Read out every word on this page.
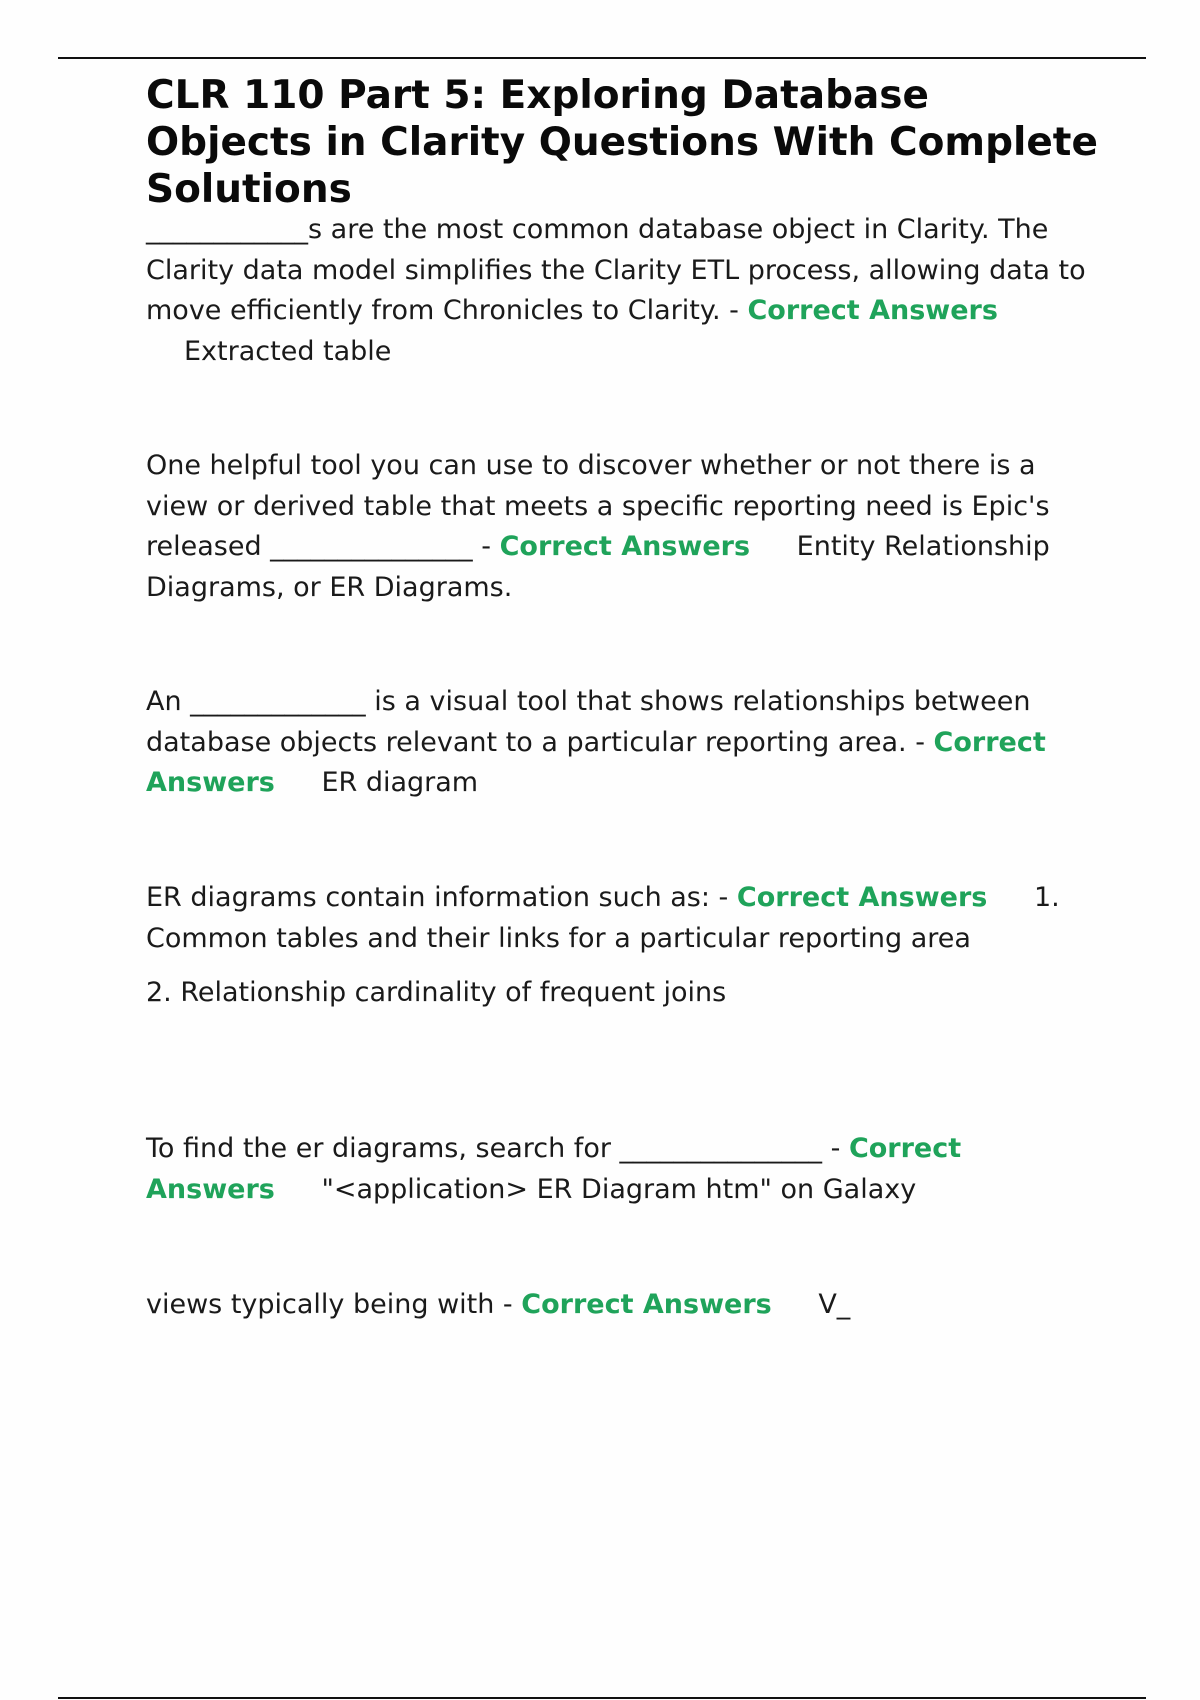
CLR 110 Part 5: Exploring Database Objects in Clarity Questions With Complete Solutions

____________s are the most common database object in Clarity. The Clarity data model simplifies the Clarity ETL process, allowing data to move efficiently from Chronicles to Clarity. - Correct Answers Extracted table

One helpful tool you can use to discover whether or not there is a view or derived table that meets a specific reporting need is Epic's released _______________ - Correct Answers Entity Relationship Diagrams, or ER Diagrams.

An _____________ is a visual tool that shows relationships between database objects relevant to a particular reporting area. - Correct Answers ER diagram

ER diagrams contain information such as: - Correct Answers 1. Common tables and their links for a particular reporting area
2. Relationship cardinality of frequent joins

To find the er diagrams, search for _______________ - Correct Answers "<application> ER Diagram htm" on Galaxy

views typically being with - Correct Answers V_
